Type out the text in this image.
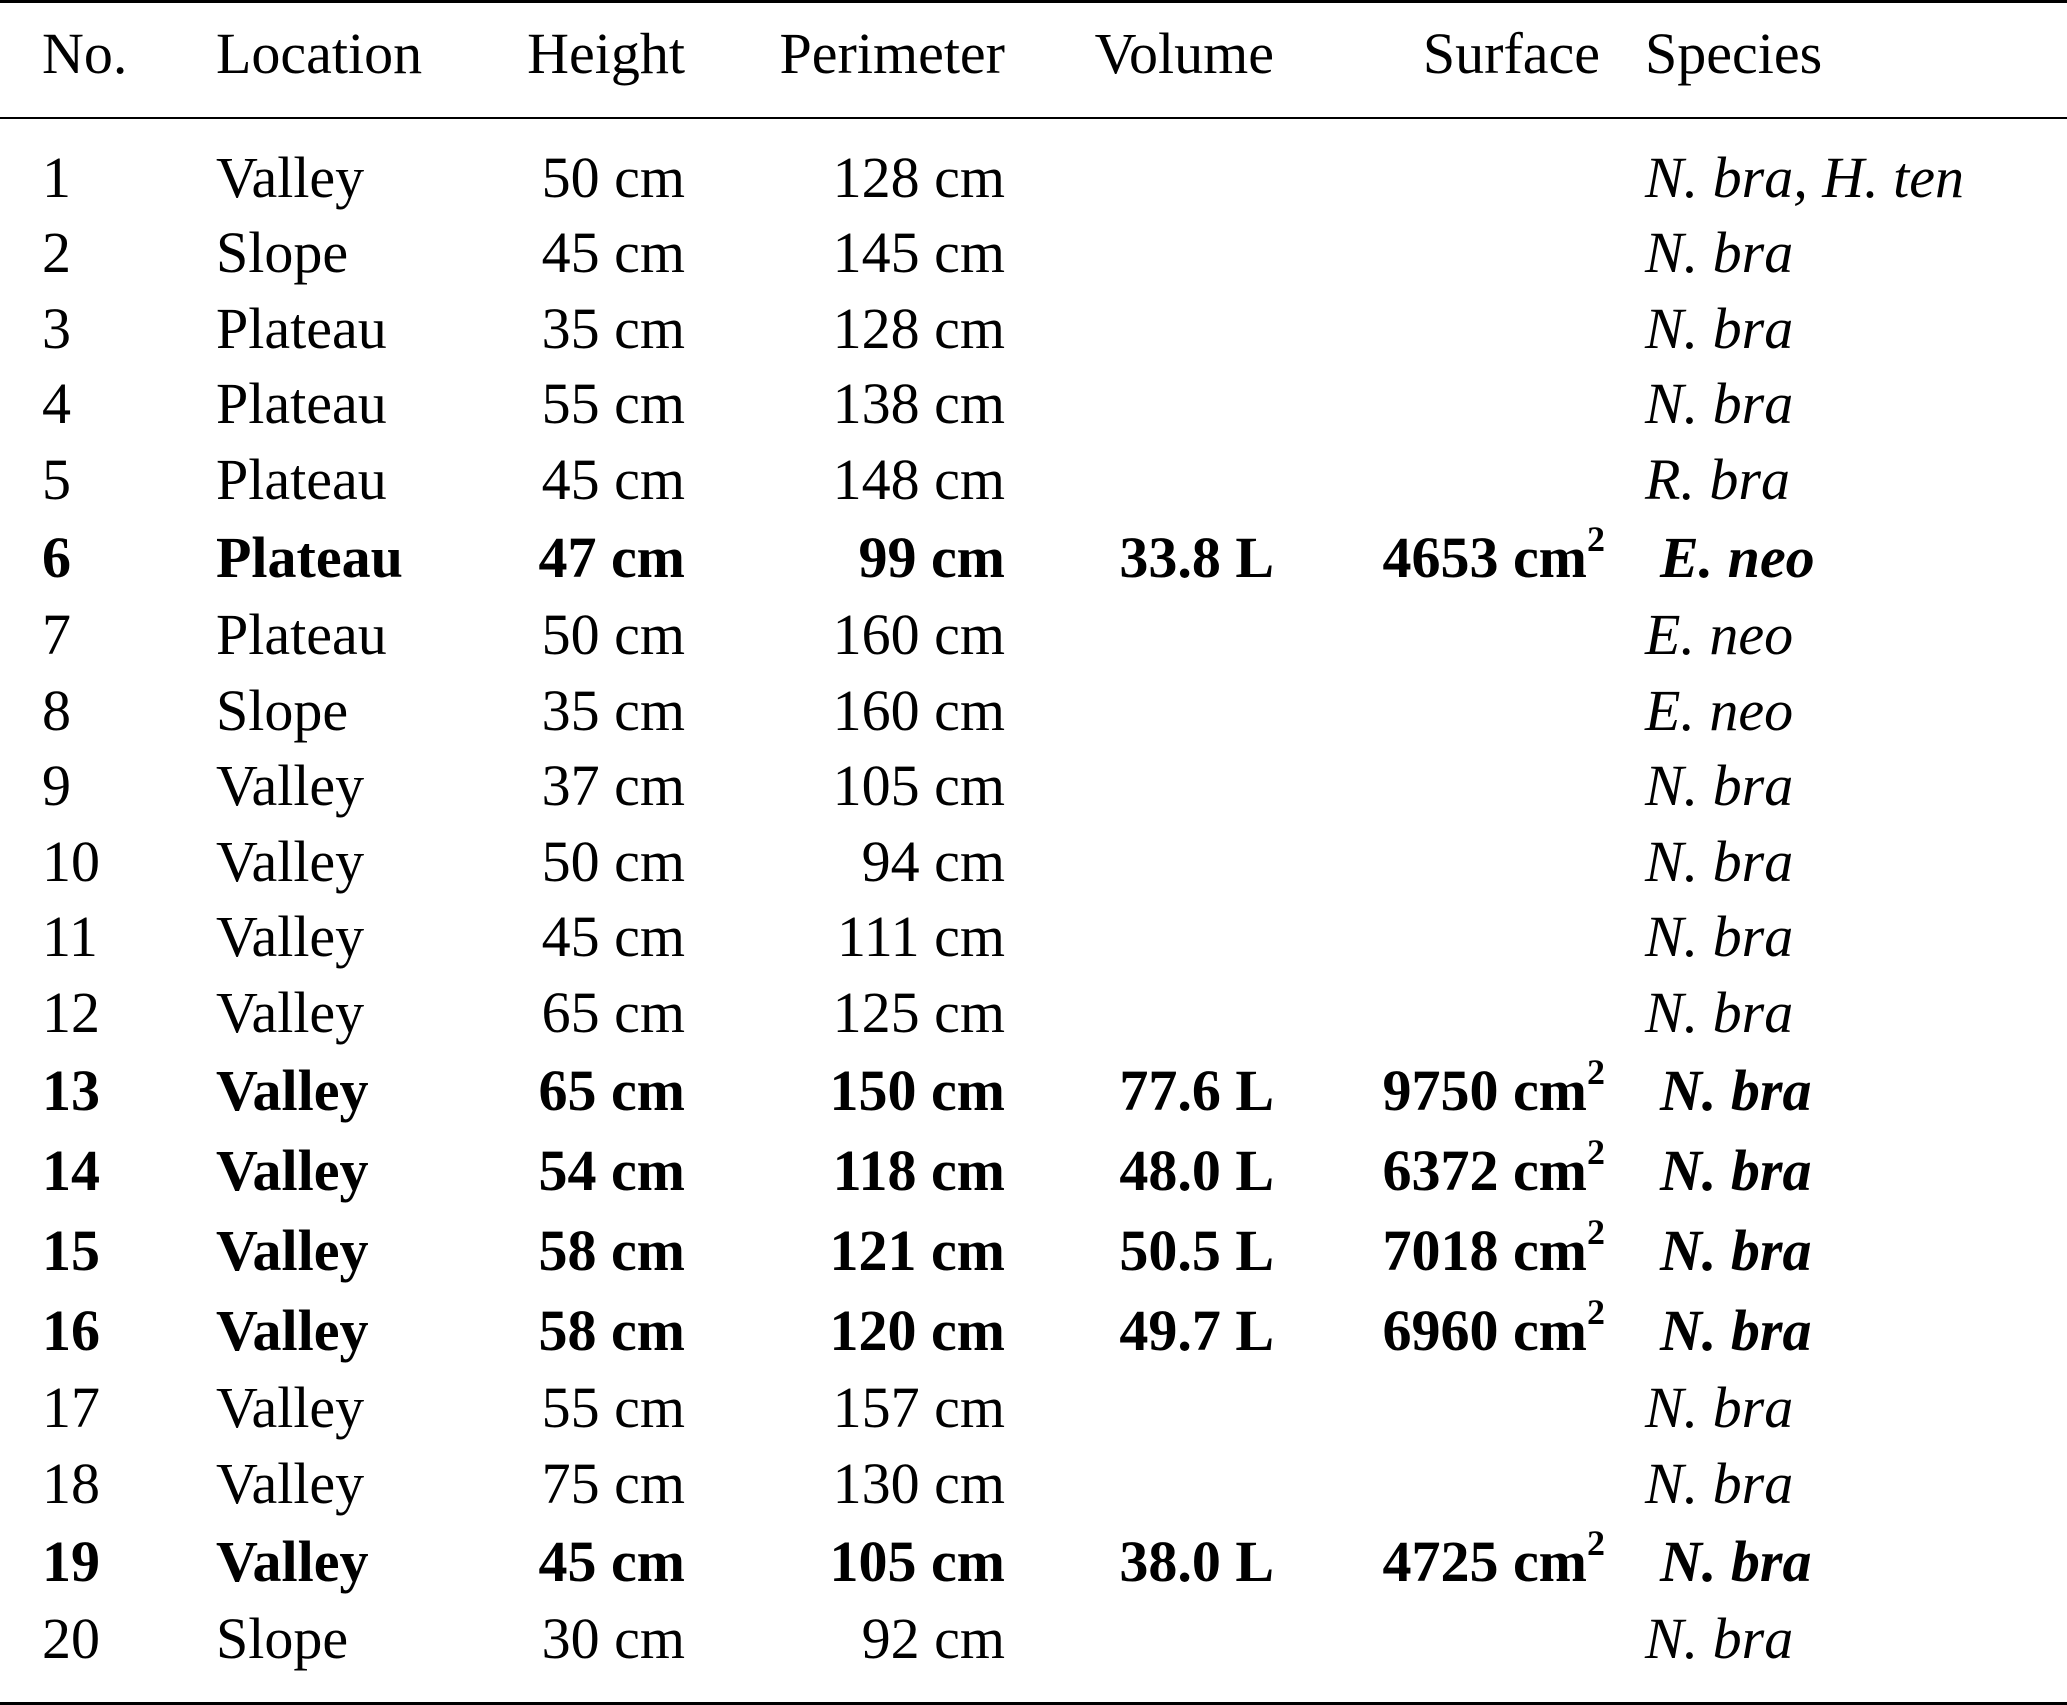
No.	Location	Height	Perimeter	Volume	Surface	Species

1	Valley	50 cm	128 cm			N. bra, H. ten
2	Slope	45 cm	145 cm			N. bra
3	Plateau	35 cm	128 cm			N. bra
4	Plateau	55 cm	138 cm			N. bra
5	Plateau	45 cm	148 cm			R. bra
6	Plateau	47 cm	99 cm	33.8 L	4653 $cm^2$	E. neo
7	Plateau	50 cm	160 cm			E. neo
8	Slope	35 cm	160 cm			E. neo
9	Valley	37 cm	105 cm			N. bra
10	Valley	50 cm	94 cm			N. bra
11	Valley	45 cm	111 cm			N. bra
12	Valley	65 cm	125 cm			N. bra
13	Valley	65 cm	150 cm	77.6 L	9750 $cm^2$	N. bra
14	Valley	54 cm	118 cm	48.0 L	6372 $cm^2$	N. bra
15	Valley	58 cm	121 cm	50.5 L	7018 $cm^2$	N. bra
16	Valley	58 cm	120 cm	49.7 L	6960 $cm^2$	N. bra
17	Valley	55 cm	157 cm			N. bra
18	Valley	75 cm	130 cm			N. bra
19	Valley	45 cm	105 cm	38.0 L	4725 $cm^2$	N. bra
20	Slope	30 cm	92 cm			N. bra
